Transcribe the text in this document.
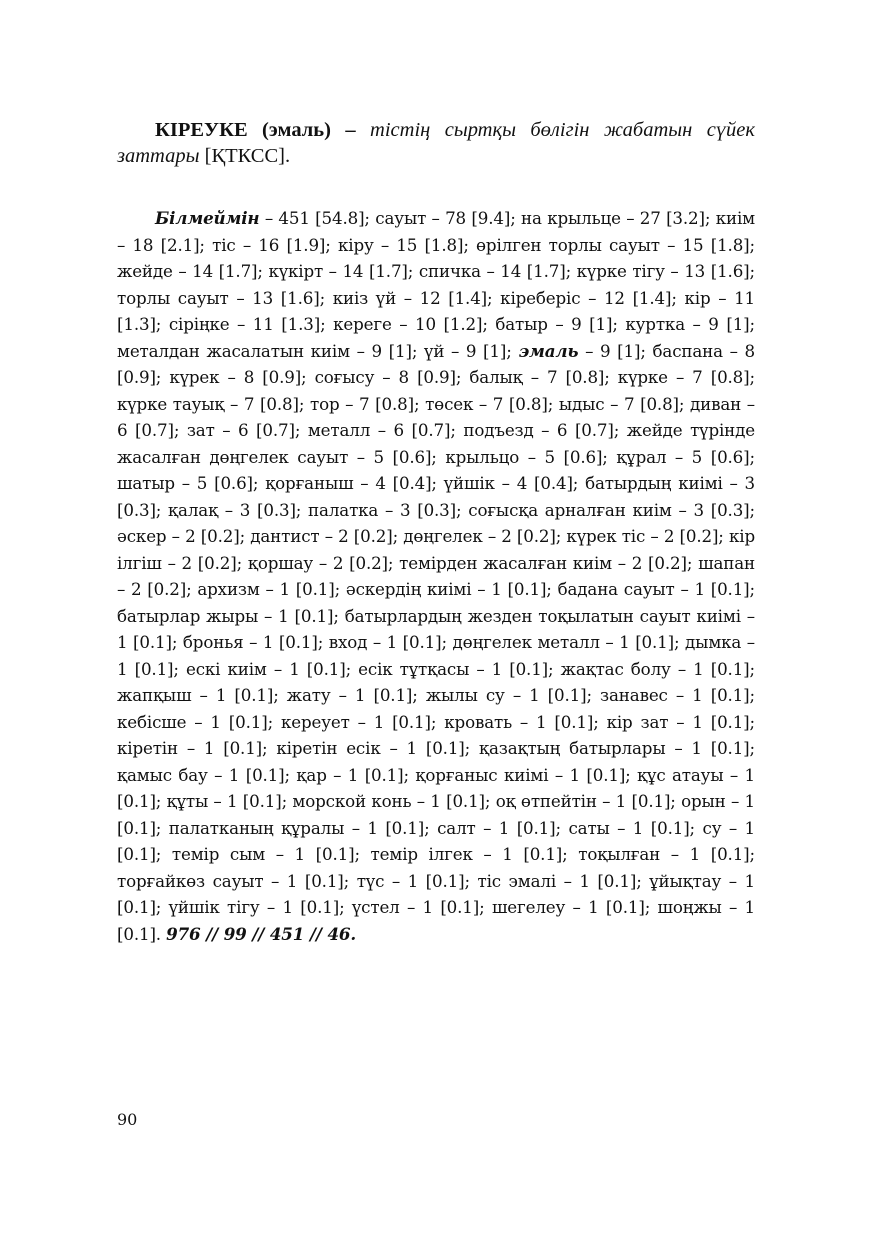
КІРЕУКЕ (эмаль) – тістің сыртқы бөлігін жабатын сүйек заттары [ҚТКСС].

Білмеймін – 451 [54.8]; сауыт – 78 [9.4]; на крыльце – 27 [3.2]; киім – 18 [2.1]; тіс – 16 [1.9]; кіру – 15 [1.8]; өрілген торлы сауыт – 15 [1.8]; жейде – 14 [1.7]; күкірт – 14 [1.7]; спичка – 14 [1.7]; күрке тігу – 13 [1.6]; торлы сауыт – 13 [1.6]; киіз үй – 12 [1.4]; кіреберіс – 12 [1.4]; кір – 11 [1.3]; сіріңке – 11 [1.3]; кереге – 10 [1.2]; батыр – 9 [1]; куртка – 9 [1]; металдан жасалатын киім – 9 [1]; үй – 9 [1]; эмаль – 9 [1]; баспана – 8 [0.9]; күрек – 8 [0.9]; соғысу – 8 [0.9]; балық – 7 [0.8]; күрке – 7 [0.8]; күрке тауық – 7 [0.8]; тор – 7 [0.8]; төсек – 7 [0.8]; ыдыс – 7 [0.8]; диван – 6 [0.7]; зат – 6 [0.7]; металл – 6 [0.7]; подъезд – 6 [0.7]; жейде түрінде жасалған дөңгелек сауыт – 5 [0.6]; крыльцо – 5 [0.6]; құрал – 5 [0.6]; шатыр – 5 [0.6]; қорғаныш – 4 [0.4]; үйшік – 4 [0.4]; батырдың киімі – 3 [0.3]; қалақ – 3 [0.3]; палатка – 3 [0.3]; соғысқа арналған киім – 3 [0.3]; әскер – 2 [0.2]; дантист – 2 [0.2]; дөңгелек – 2 [0.2]; күрек тіс – 2 [0.2]; кір ілгіш – 2 [0.2]; қоршау – 2 [0.2]; темірден жасалған киім – 2 [0.2]; шапан – 2 [0.2]; архизм – 1 [0.1]; әскердің киімі – 1 [0.1]; бадана сауыт – 1 [0.1]; батырлар жыры – 1 [0.1]; батырлардың жезден тоқылатын сауыт киімі – 1 [0.1]; бронья – 1 [0.1]; вход – 1 [0.1]; дөңгелек металл – 1 [0.1]; дымка – 1 [0.1]; ескі киім – 1 [0.1]; есік тұтқасы – 1 [0.1]; жақтас болу – 1 [0.1]; жапқыш – 1 [0.1]; жату – 1 [0.1]; жылы су – 1 [0.1]; занавес – 1 [0.1]; кебісше – 1 [0.1]; кереует – 1 [0.1]; кровать – 1 [0.1]; кір зат – 1 [0.1]; кіретін – 1 [0.1]; кіретін есік – 1 [0.1]; қазақтың батырлары – 1 [0.1]; қамыс бау – 1 [0.1]; қар – 1 [0.1]; қорғаныс киімі – 1 [0.1]; құс атауы – 1 [0.1]; құты – 1 [0.1]; морской конь – 1 [0.1]; оқ өтпейтін – 1 [0.1]; орын – 1 [0.1]; палатканың құралы – 1 [0.1]; салт – 1 [0.1]; саты – 1 [0.1]; су – 1 [0.1]; темір сым – 1 [0.1]; темір ілгек – 1 [0.1]; тоқылған – 1 [0.1]; торғайкөз сауыт – 1 [0.1]; түс – 1 [0.1]; тіс эмалі – 1 [0.1]; ұйықтау – 1 [0.1]; үйшік тігу – 1 [0.1]; үстел – 1 [0.1]; шегелеу – 1 [0.1]; шоңжы – 1 [0.1]. 976 // 99 // 451 // 46.

90
